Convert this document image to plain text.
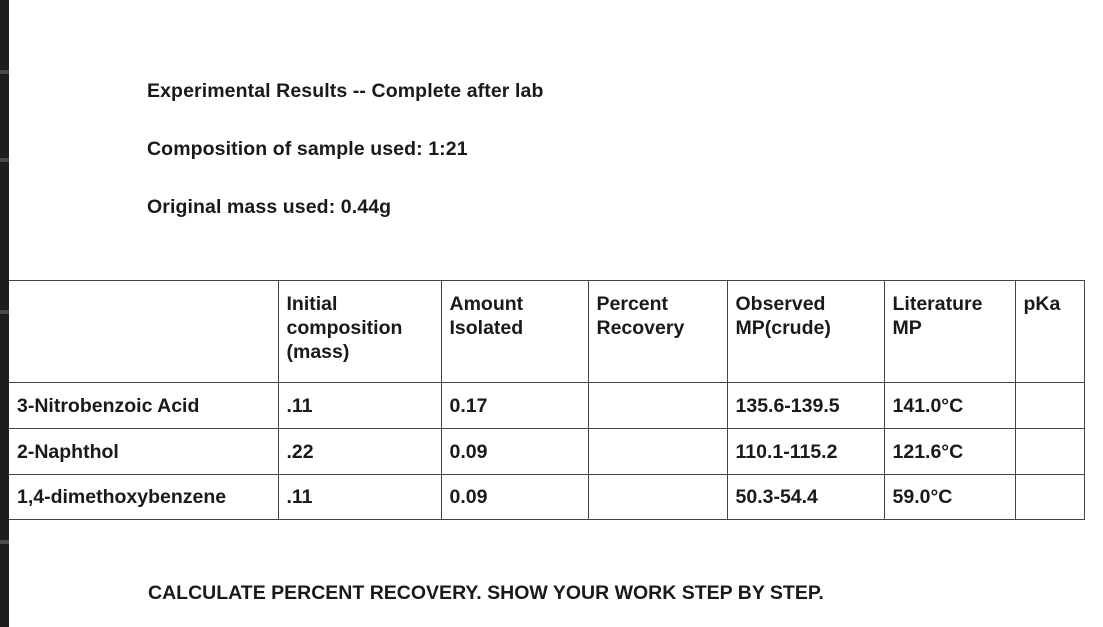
Experimental Results -- Complete after lab
Composition of sample used: 1:21
Original mass used: 0.44g
	Initial composition (mass)	Amount Isolated	Percent Recovery	Observed MP(crude)	Literature MP	pKa
3-Nitrobenzoic Acid	.11	0.17		135.6-139.5	141.0°C	
2-Naphthol	.22	0.09		110.1-115.2	121.6°C	
1,4-dimethoxybenzene	.11	0.09		50.3-54.4	59.0°C	
CALCULATE PERCENT RECOVERY. SHOW YOUR WORK STEP BY STEP.
